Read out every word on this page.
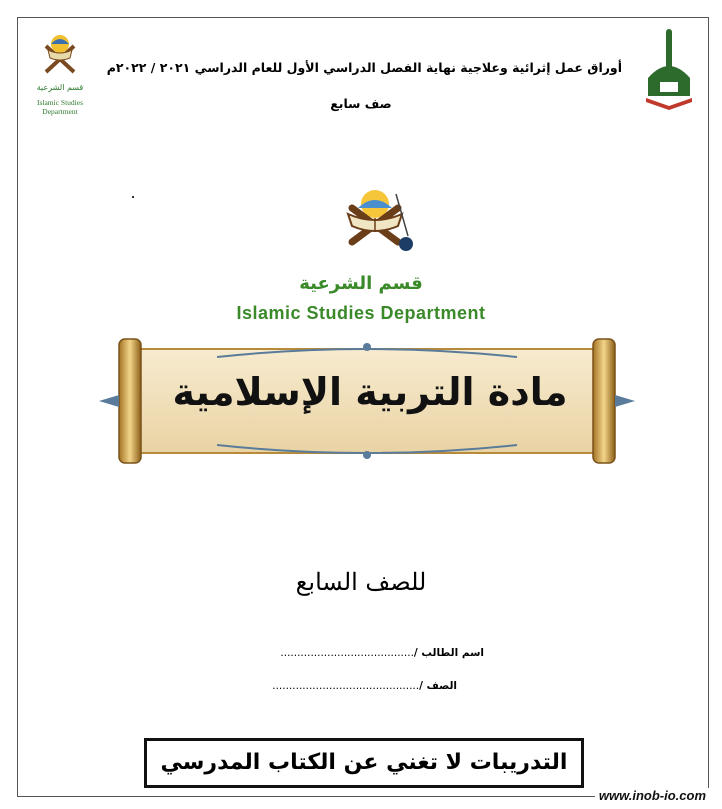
قسم الشرعية
Islamic Studies Department
أوراق عمل إثرائية وعلاجية نهاية الفصل الدراسي الأول للعام الدراسي ٢٠٢١ / ٢٠٢٢م
صف سابع
قسم الشرعية
Islamic Studies Department
مادة التربية الإسلامية
للصف السابع
اسم الطالب /........................................
الصف /............................................
التدريبات لا تغني عن الكتاب المدرسي
www.inob-io.com
